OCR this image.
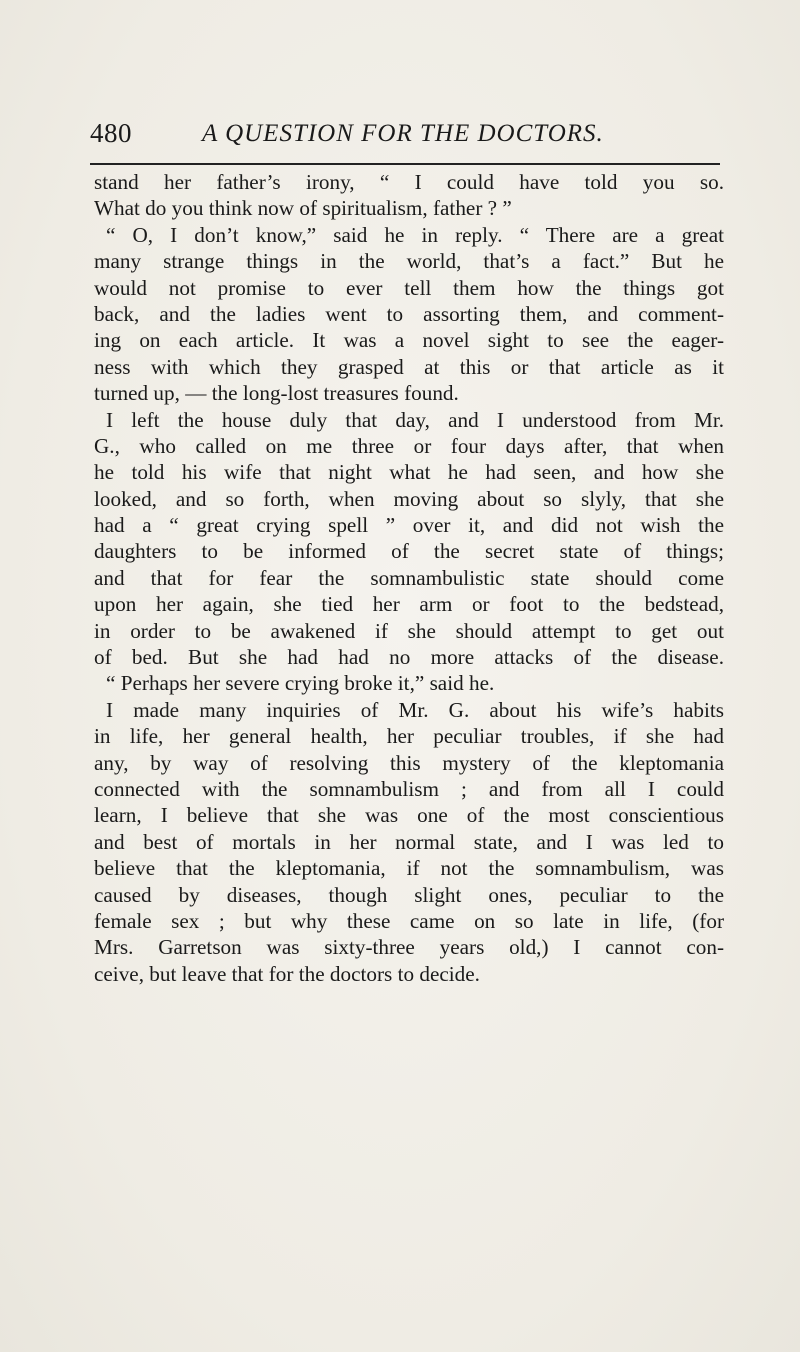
480	A QUESTION FOR THE DOCTORS.
stand her father’s irony, “ I could have told you so.
What do you think now of spiritualism, father ? ”
“ O, I don’t know,” said he in reply. “ There are a great
many strange things in the world, that’s a fact.” But he
would not promise to ever tell them how the things got
back, and the ladies went to assorting them, and comment-
ing on each article. It was a novel sight to see the eager-
ness with which they grasped at this or that article as it
turned up, — the long-lost treasures found.
I left the house duly that day, and I understood from Mr.
G., who called on me three or four days after, that when
he told his wife that night what he had seen, and how she
looked, and so forth, when moving about so slyly, that she
had a “ great crying spell ” over it, and did not wish the
daughters to be informed of the secret state of things;
and that for fear the somnambulistic state should come
upon her again, she tied her arm or foot to the bedstead,
in order to be awakened if she should attempt to get out
of bed. But she had had no more attacks of the disease.
“ Perhaps her severe crying broke it,” said he.
I made many inquiries of Mr. G. about his wife’s habits
in life, her general health, her peculiar troubles, if she had
any, by way of resolving this mystery of the kleptomania
connected with the somnambulism ; and from all I could
learn, I believe that she was one of the most conscientious
and best of mortals in her normal state, and I was led to
believe that the kleptomania, if not the somnambulism, was
caused by diseases, though slight ones, peculiar to the
female sex ; but why these came on so late in life, (for
Mrs. Garretson was sixty-three years old,) I cannot con-
ceive, but leave that for the doctors to decide.
